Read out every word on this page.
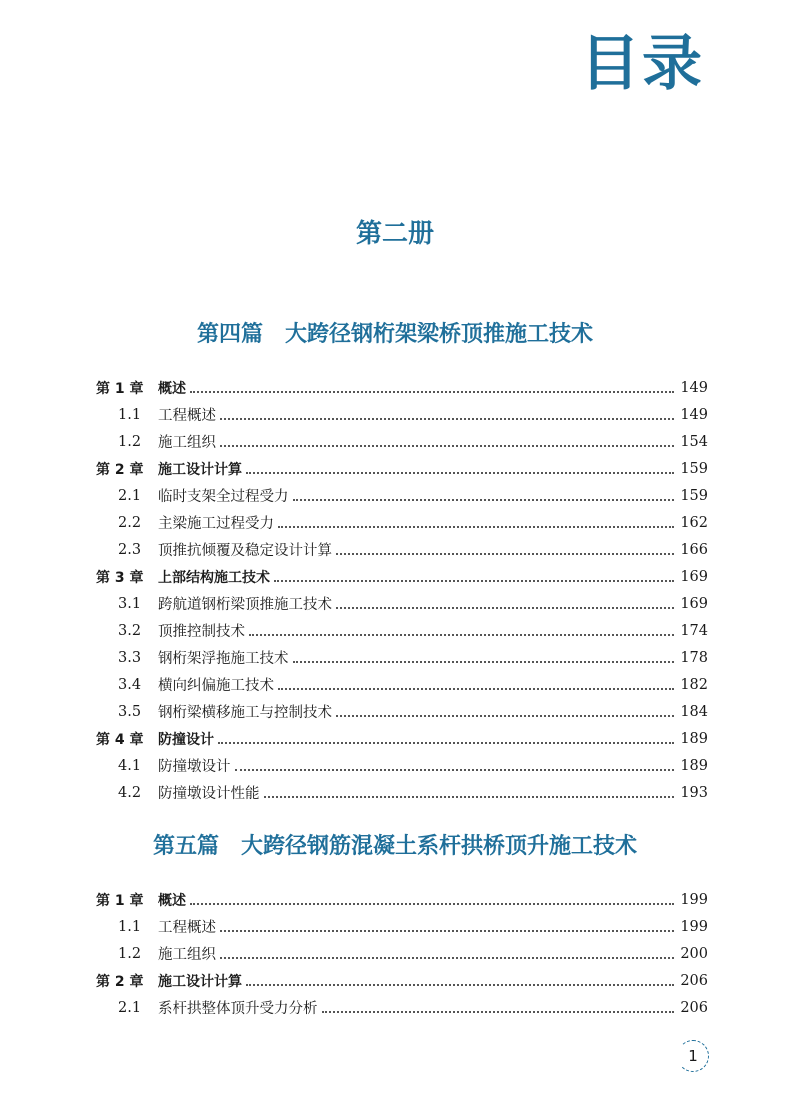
目录
第二册
第四篇 大跨径钢桁架梁桥顶推施工技术
第 1 章	概述	149
1.1	工程概述	149
1.2	施工组织	154
第 2 章	施工设计计算	159
2.1	临时支架全过程受力	159
2.2	主梁施工过程受力	162
2.3	顶推抗倾覆及稳定设计计算	166
第 3 章	上部结构施工技术	169
3.1	跨航道钢桁梁顶推施工技术	169
3.2	顶推控制技术	174
3.3	钢桁架浮拖施工技术	178
3.4	横向纠偏施工技术	182
3.5	钢桁梁横移施工与控制技术	184
第 4 章	防撞设计	189
4.1	防撞墩设计	189
4.2	防撞墩设计性能	193
第五篇 大跨径钢筋混凝土系杆拱桥顶升施工技术
第 1 章	概述	199
1.1	工程概述	199
1.2	施工组织	200
第 2 章	施工设计计算	206
2.1	系杆拱整体顶升受力分析	206
1
